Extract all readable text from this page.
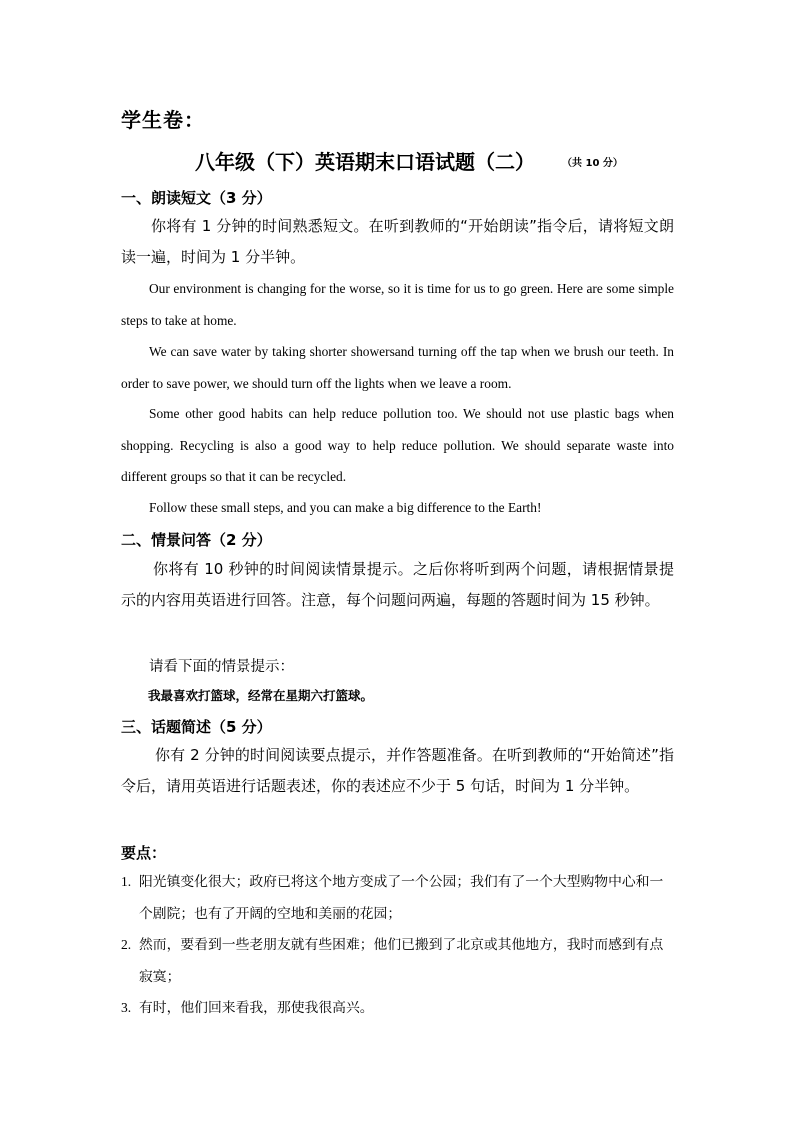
学生卷：
八年级（下）英语期末口语试题（二）	（共 10 分）
一、朗读短文（3 分）
你将有 1 分钟的时间熟悉短文。在听到教师的“开始朗读”指令后，请将短文朗读一遍，时间为 1 分半钟。
Our environment is changing for the worse, so it is time for us to go green. Here are some simple steps to take at home.
We can save water by taking shorter showersand turning off the tap when we brush our teeth. In order to save power, we should turn off the lights when we leave a room.
Some other good habits can help reduce pollution too. We should not use plastic bags when shopping. Recycling is also a good way to help reduce pollution. We should separate waste into different groups so that it can be recycled.
Follow these small steps, and you can make a big difference to the Earth!
二、情景问答（2 分）
你将有 10 秒钟的时间阅读情景提示。之后你将听到两个问题，请根据情景提示的内容用英语进行回答。注意，每个问题问两遍，每题的答题时间为 15 秒钟。
请看下面的情景提示：
我最喜欢打篮球，经常在星期六打篮球。
三、话题简述（5 分）
你有 2 分钟的时间阅读要点提示，并作答题准备。在听到教师的“开始简述”指令后，请用英语进行话题表述，你的表述应不少于 5 句话，时间为 1 分半钟。
要点：
1. 阳光镇变化很大；政府已将这个地方变成了一个公园；我们有了一个大型购物中心和一
个剧院；也有了开阔的空地和美丽的花园；
2. 然而，要看到一些老朋友就有些困难；他们已搬到了北京或其他地方，我时而感到有点
寂寞；
3. 有时，他们回来看我，那使我很高兴。
